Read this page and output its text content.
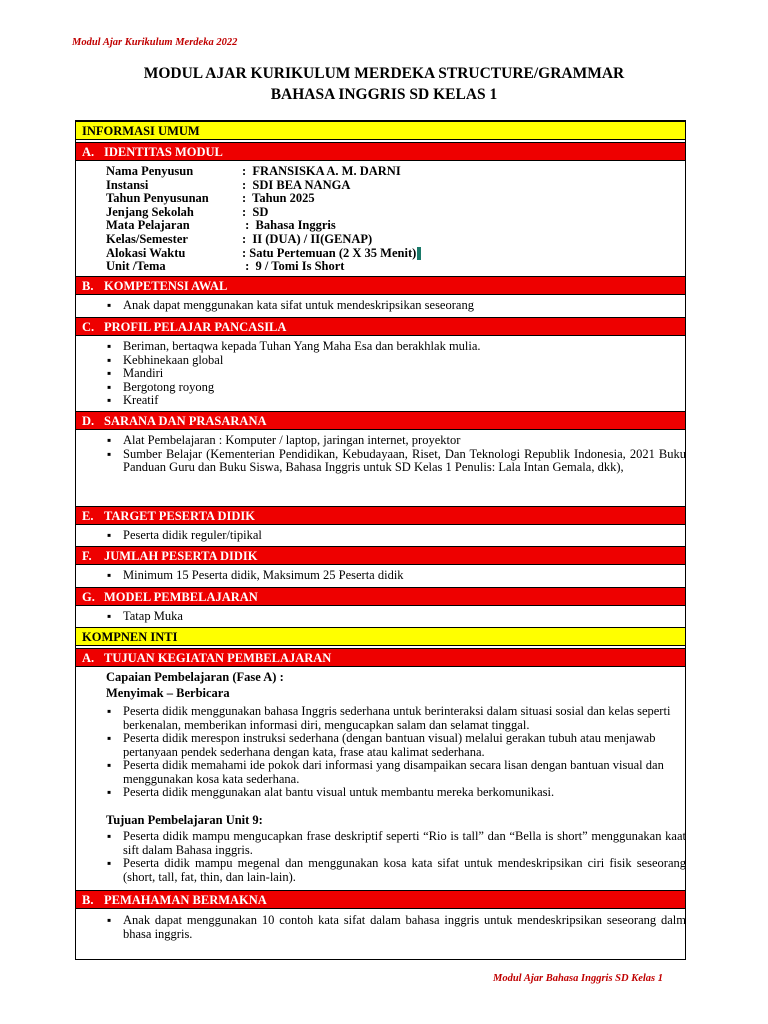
Modul Ajar Kurikulum Merdeka 2022
MODUL AJAR KURIKULUM MERDEKA STRUCTURE/GRAMMAR
BAHASA INGGRIS SD KELAS 1
INFORMASI UMUM
A. IDENTITAS MODUL
Nama Penyusun	:  FRANSISKA A. M. DARNI
Instansi	:  SDI BEA NANGA
Tahun Penyusunan	:  Tahun 2025
Jenjang Sekolah	:  SD
Mata Pelajaran	:  Bahasa Inggris
Kelas/Semester	:  II (DUA) / II(GENAP)
Alokasi Waktu	: Satu Pertemuan (2 X 35 Menit)
Unit /Tema	:  9 / Tomi Is Short
B. KOMPETENSI AWAL
▪ Anak dapat menggunakan kata sifat untuk mendeskripsikan seseorang
C. PROFIL PELAJAR PANCASILA
▪ Beriman, bertaqwa kepada Tuhan Yang Maha Esa dan berakhlak mulia.
▪ Kebhinekaan global
▪ Mandiri
▪ Bergotong royong
▪ Kreatif
D. SARANA DAN PRASARANA
▪ Alat Pembelajaran : Komputer / laptop, jaringan internet, proyektor
▪ Sumber Belajar (Kementerian Pendidikan, Kebudayaan, Riset, Dan Teknologi Republik Indonesia, 2021 Buku Panduan Guru dan Buku Siswa, Bahasa Inggris untuk SD Kelas 1 Penulis: Lala Intan Gemala, dkk),
E. TARGET PESERTA DIDIK
▪ Peserta didik reguler/tipikal
F. JUMLAH PESERTA DIDIK
▪ Minimum 15 Peserta didik, Maksimum 25 Peserta didik
G. MODEL PEMBELAJARAN
▪ Tatap Muka
KOMPNEN INTI
A. TUJUAN KEGIATAN PEMBELAJARAN
Capaian Pembelajaran (Fase A) :
Menyimak – Berbicara
▪ Peserta didik menggunakan bahasa Inggris sederhana untuk berinteraksi dalam situasi sosial dan kelas seperti berkenalan, memberikan informasi diri, mengucapkan salam dan selamat tinggal.
▪ Peserta didik merespon instruksi sederhana (dengan bantuan visual) melalui gerakan tubuh atau menjawab pertanyaan pendek sederhana dengan kata, frase atau kalimat sederhana.
▪ Peserta didik memahami ide pokok dari informasi yang disampaikan secara lisan dengan bantuan visual dan menggunakan kosa kata sederhana.
▪ Peserta didik menggunakan alat bantu visual untuk membantu mereka berkomunikasi.
Tujuan Pembelajaran Unit 9:
▪ Peserta didik mampu mengucapkan frase deskriptif seperti “Rio is tall” dan “Bella is short” menggunakan kaat sift dalam Bahasa inggris.
▪ Peserta didik mampu megenal dan menggunakan kosa kata sifat untuk mendeskripsikan ciri fisik seseorang (short, tall, fat, thin, dan lain-lain).
B. PEMAHAMAN BERMAKNA
▪ Anak dapat menggunakan 10 contoh kata sifat dalam bahasa inggris untuk mendeskripsikan seseorang dalm bhasa inggris.
Modul Ajar Bahasa Inggris SD Kelas 1
